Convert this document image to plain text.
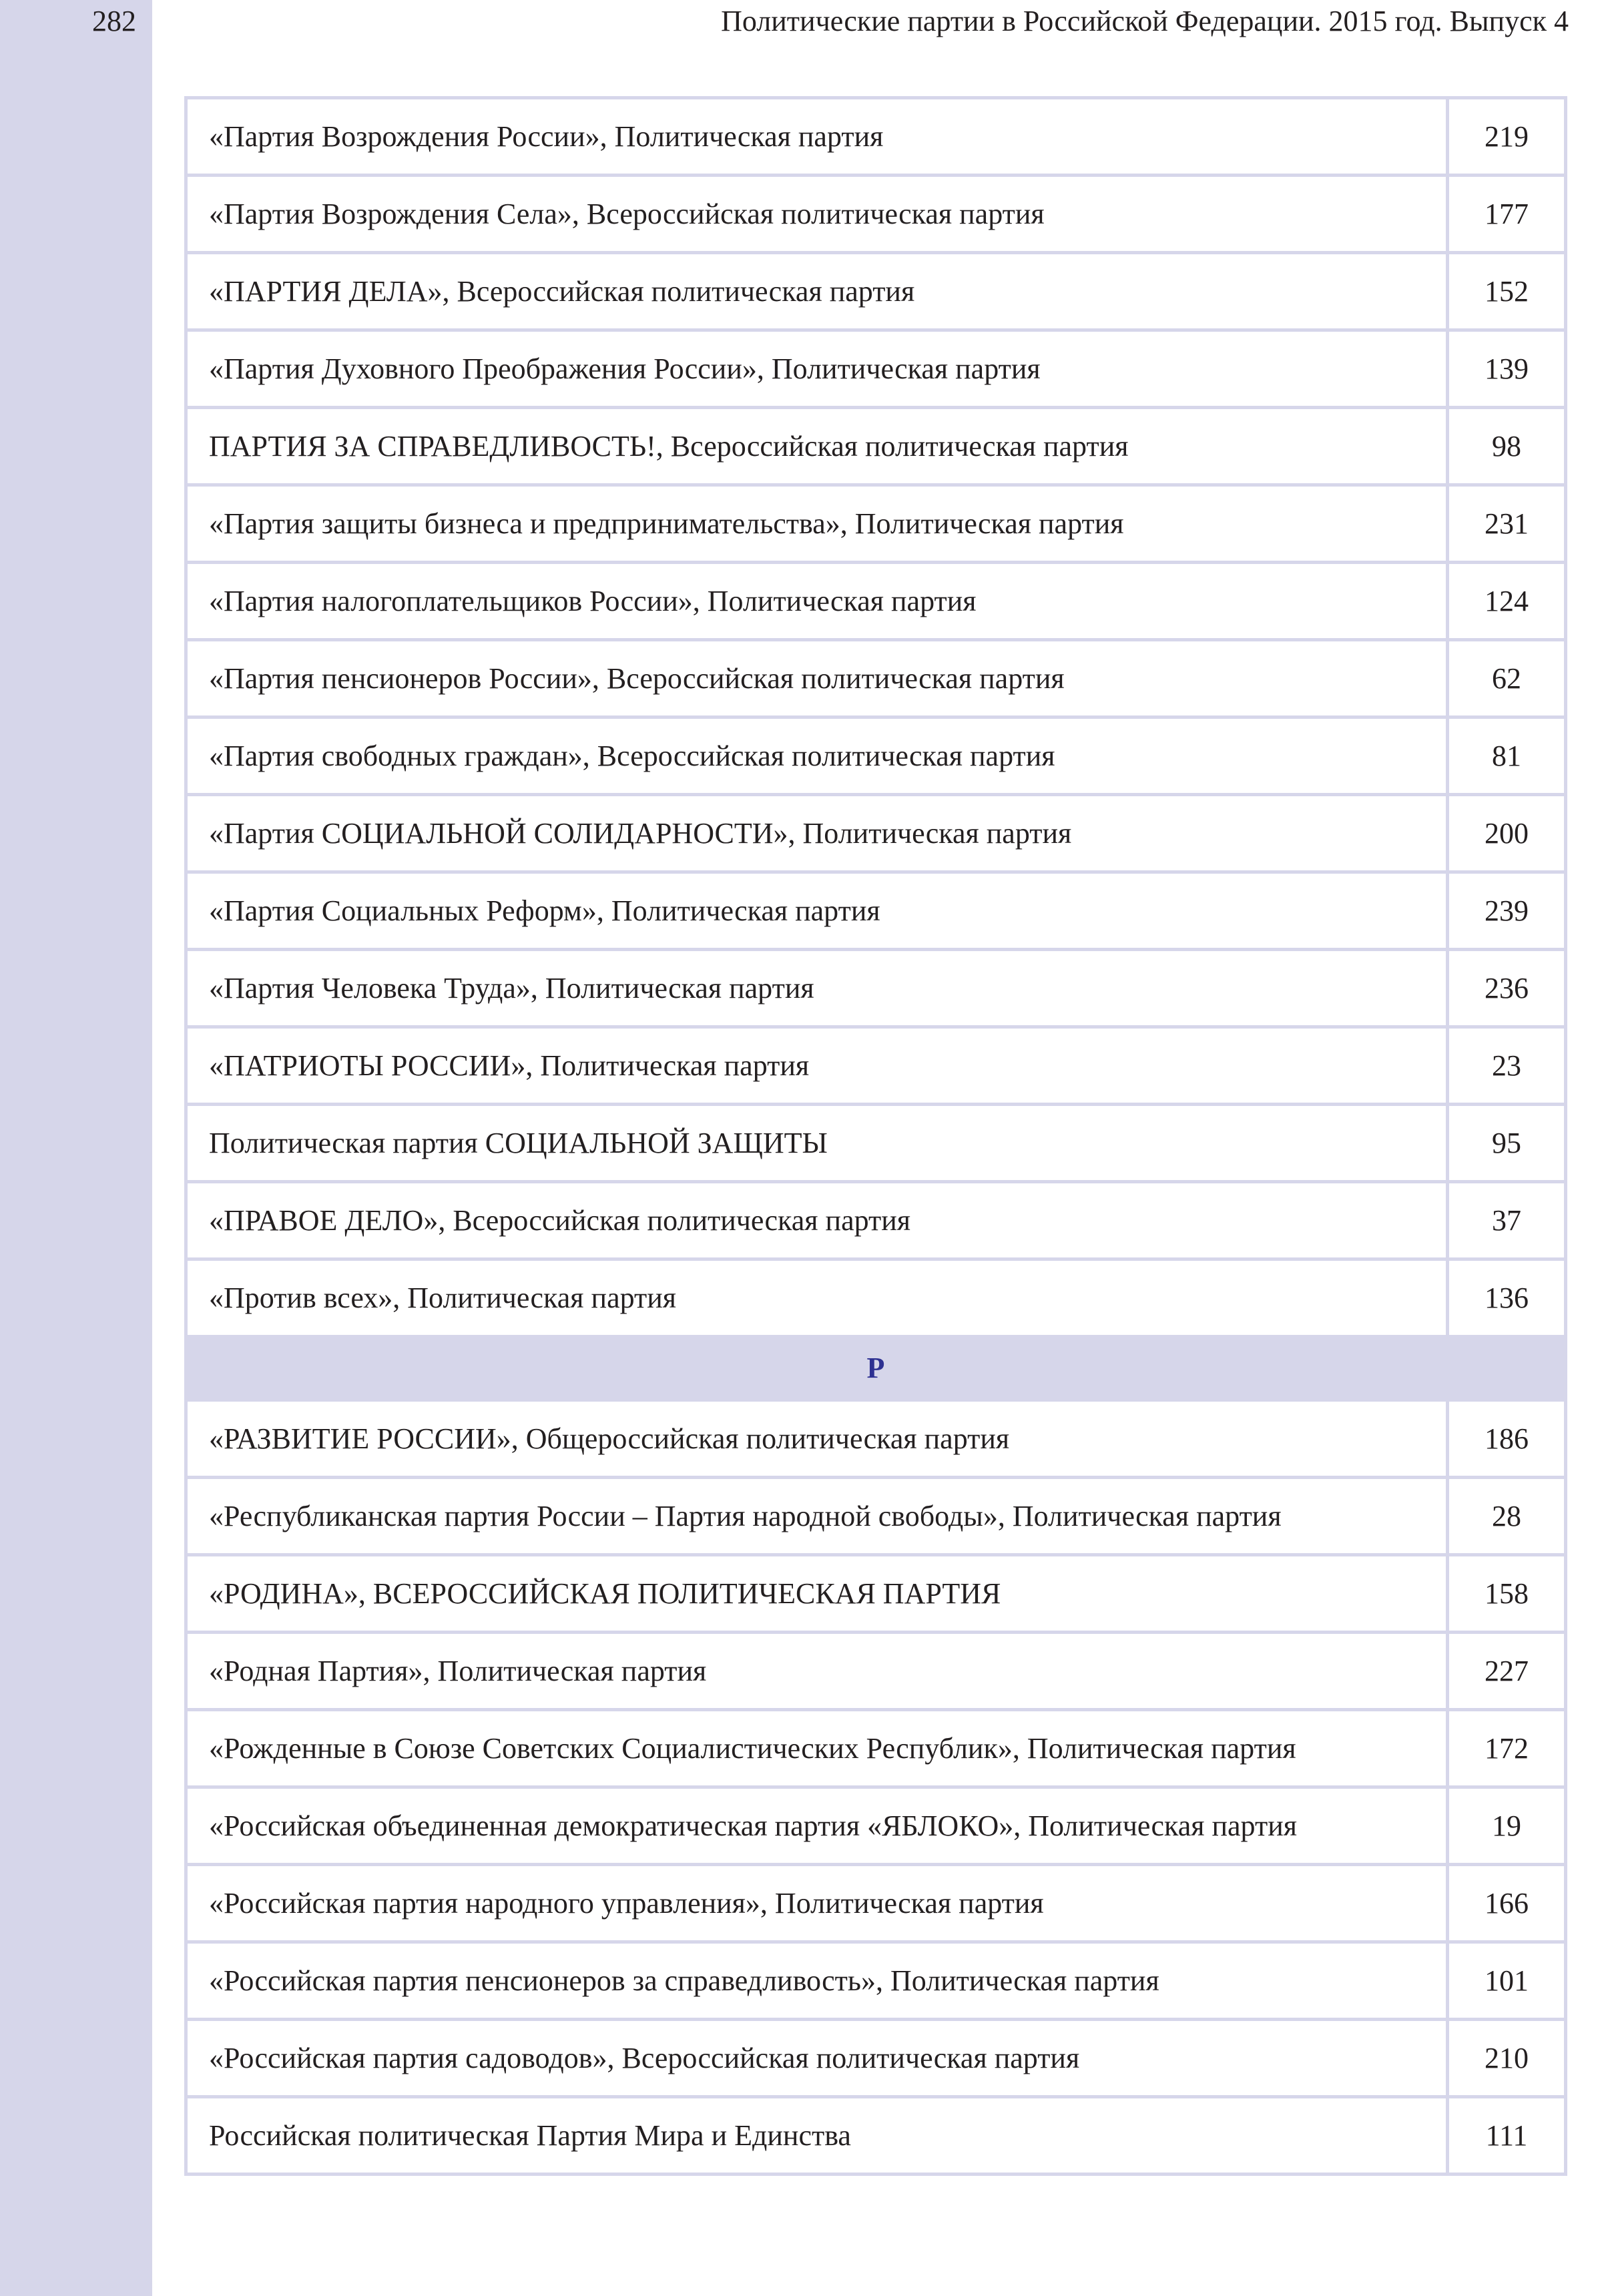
282	Политические партии в Российской Федерации. 2015 год. Выпуск 4
«Партия Возрождения России», Политическая партия	219
«Партия Возрождения Села», Всероссийская политическая партия	177
«ПАРТИЯ ДЕЛА», Всероссийская политическая партия	152
«Партия Духовного Преображения России», Политическая партия	139
ПАРТИЯ ЗА СПРАВЕДЛИВОСТЬ!, Всероссийская политическая партия	98
«Партия защиты бизнеса и предпринимательства», Политическая партия	231
«Партия налогоплательщиков России», Политическая партия	124
«Партия пенсионеров России», Всероссийская политическая партия	62
«Партия свободных граждан», Всероссийская политическая партия	81
«Партия СОЦИАЛЬНОЙ СОЛИДАРНОСТИ», Политическая партия	200
«Партия Социальных Реформ», Политическая партия	239
«Партия Человека Труда», Политическая партия	236
«ПАТРИОТЫ РОССИИ», Политическая партия	23
Политическая партия СОЦИАЛЬНОЙ ЗАЩИТЫ	95
«ПРАВОЕ ДЕЛО», Всероссийская политическая партия	37
«Против всех», Политическая партия	136
Р	
«РАЗВИТИЕ РОССИИ», Общероссийская политическая партия	186
«Республиканская партия России – Партия народной свободы», Политическая партия	28
«РОДИНА», ВСЕРОССИЙСКАЯ ПОЛИТИЧЕСКАЯ ПАРТИЯ	158
«Родная Партия», Политическая партия	227
«Рожденные в Союзе Советских Социалистических Республик», Политическая партия	172
«Российская объединенная демократическая партия «ЯБЛОКО», Политическая партия	19
«Российская партия народного управления», Политическая партия	166
«Российская партия пенсионеров за справедливость», Политическая партия	101
«Российская партия садоводов», Всероссийская политическая партия	210
Российская политическая Партия Мира и Единства	111
